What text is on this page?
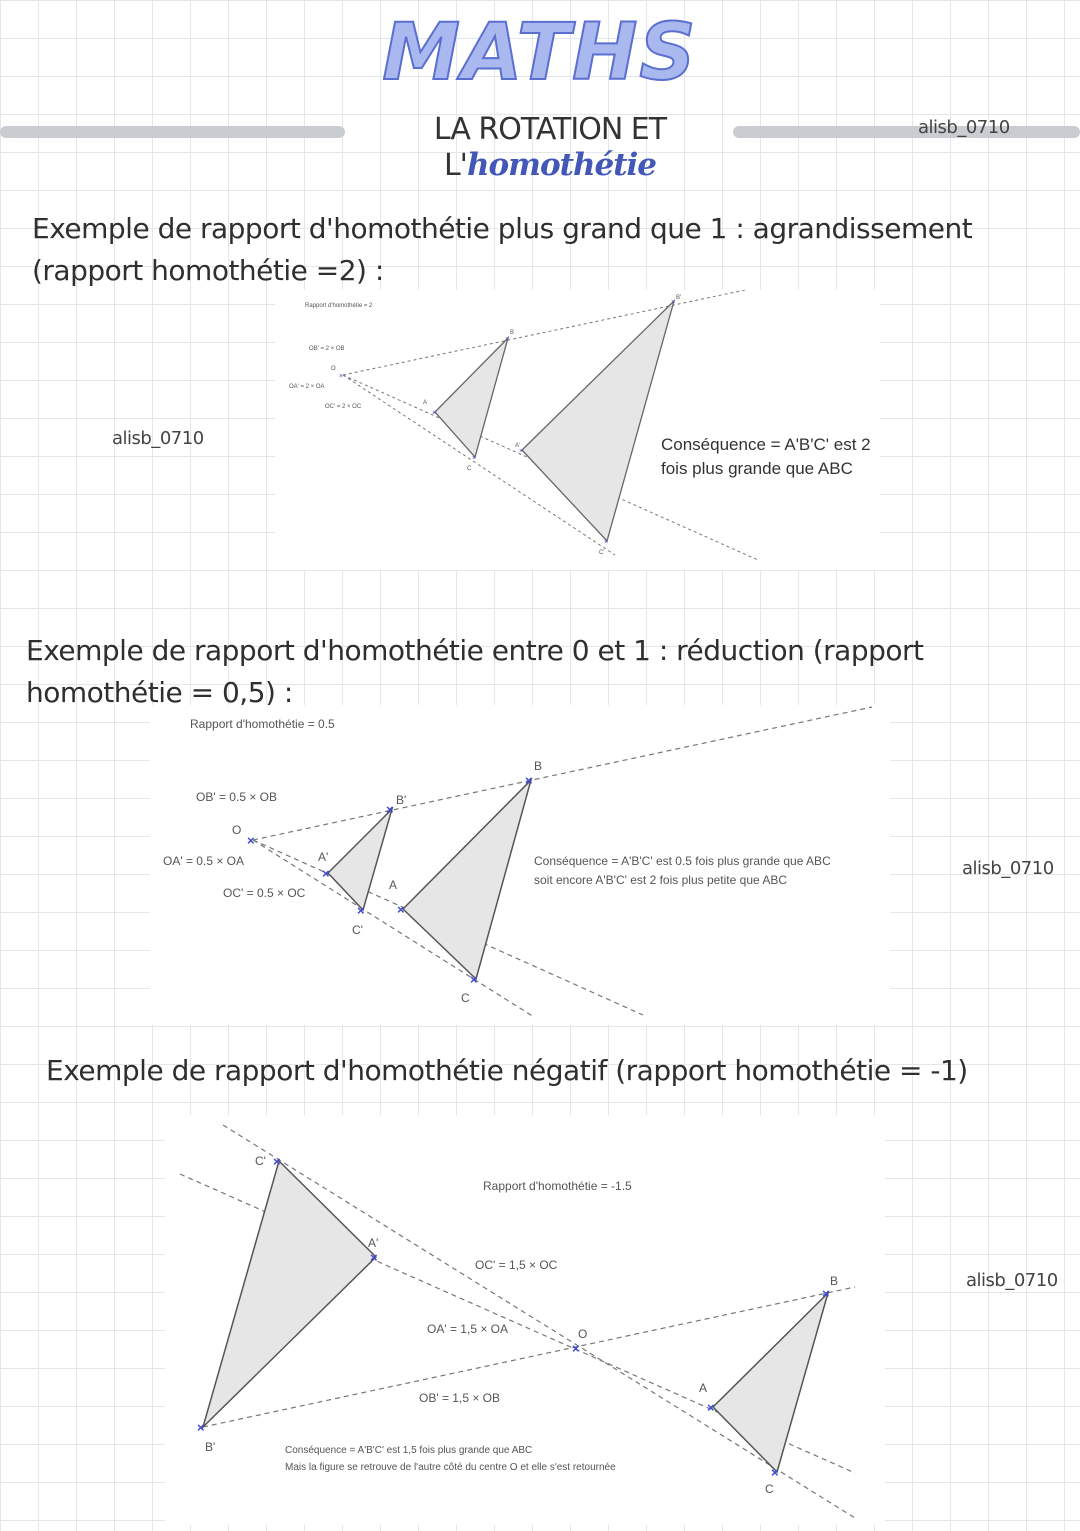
MATHS
LA ROTATION ET L'homothétie
alisb_0710
Exemple de rapport d'homothétie plus grand que 1 : agrandissement (rapport homothétie =2) :
alisb_0710
×
×
×
×
×
×
×
Rapport d'homothétie = 2
OB' = 2 × OB
OA' = 2 × OA
OC' = 2 × OC
O
A
B
C
A'
B'
C'
Conséquence = A'B'C' est 2
fois plus grande que ABC
Exemple de rapport d'homothétie entre 0 et 1 : réduction (rapport homothétie = 0,5) :
×
×
×
×
×
×
×
Rapport d'homothétie = 0.5
OB' = 0.5 × OB
OA' = 0.5 × OA
OC' = 0.5 × OC
O
A
B
C
A'
B'
C'
Conséquence = A'B'C' est 0.5 fois plus grande que ABC
soit encore A'B'C' est 2 fois plus petite que ABC
alisb_0710
Exemple de rapport d'homothétie négatif (rapport homothétie = -1)
×
×
×
×
×
×
×
Rapport d'homothétie = -1.5
OC' = 1,5 × OC
OA' = 1,5 × OA
OB' = 1,5 × OB
O
A
B
C
A'
B'
C'
Conséquence = A'B'C' est 1,5 fois plus grande que ABC
Mais la figure se retrouve de l'autre côté du centre O et elle s'est retournée
alisb_0710
